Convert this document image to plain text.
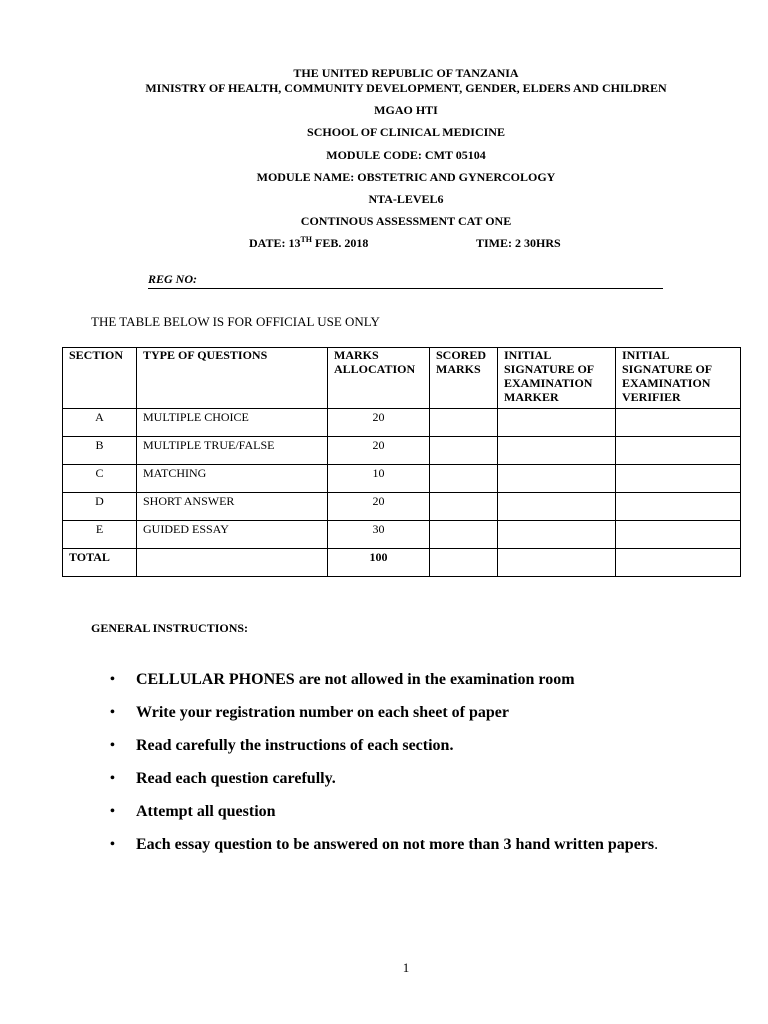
THE UNITED REPUBLIC OF TANZANIA
MINISTRY OF HEALTH, COMMUNITY DEVELOPMENT, GENDER, ELDERS AND CHILDREN
MGAO HTI
SCHOOL OF CLINICAL MEDICINE
MODULE CODE: CMT 05104
MODULE NAME: OBSTETRIC AND GYNERCOLOGY
NTA-LEVEL6
CONTINOUS ASSESSMENT CAT ONE
DATE: 13TH FEB. 2018	TIME: 2 30HRS
REG NO:
THE TABLE BELOW IS FOR OFFICIAL USE ONLY
SECTION	TYPE OF QUESTIONS	MARKS ALLOCATION	SCORED MARKS	INITIAL SIGNATURE OF EXAMINATION MARKER	INITIAL SIGNATURE OF EXAMINATION VERIFIER
A	MULTIPLE CHOICE	20			
B	MULTIPLE TRUE/FALSE	20			
C	MATCHING	10			
D	SHORT ANSWER	20			
E	GUIDED ESSAY	30			
TOTAL		100			
GENERAL INSTRUCTIONS:
• CELLULAR PHONES are not allowed in the examination room
• Write your registration number on each sheet of paper
• Read carefully the instructions of each section.
• Read each question carefully.
• Attempt all question
• Each essay question to be answered on not more than 3 hand written papers.
1
